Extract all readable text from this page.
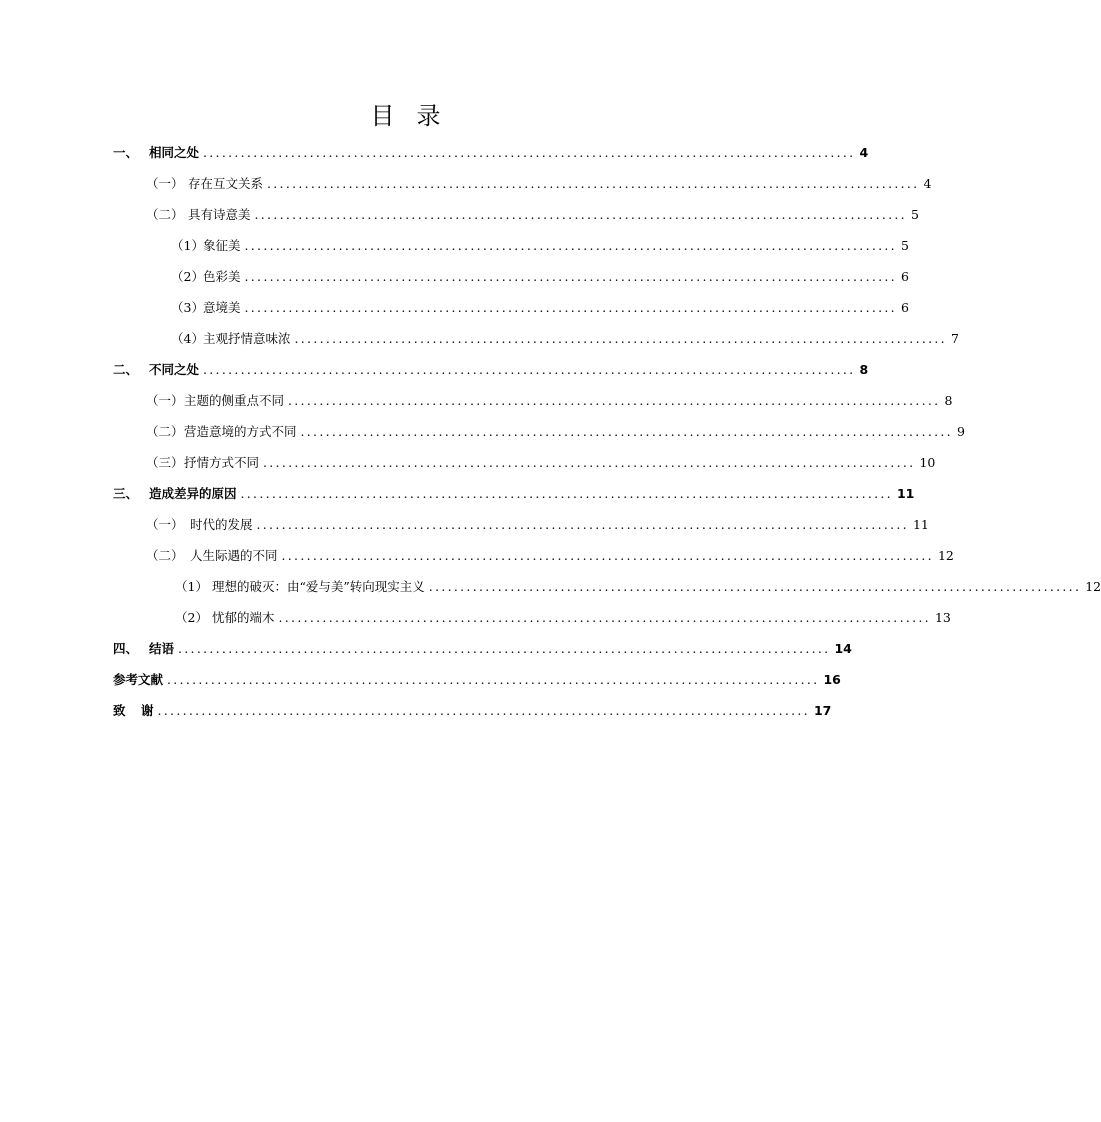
目录
一、 相同之处 ........................................................................................................ 4
（一） 存在互文关系 ........................................................................................................ 4
（二） 具有诗意美 ........................................................................................................ 5
（1） 象征美 ........................................................................................................ 5
（2） 色彩美 ........................................................................................................ 6
（3） 意境美 ........................................................................................................ 6
（4） 主观抒情意味浓 ........................................................................................................ 7
二、 不同之处 ........................................................................................................ 8
（一） 主题的侧重点不同 ........................................................................................................ 8
（二） 营造意境的方式不同 ........................................................................................................ 9
（三） 抒情方式不同 ........................................................................................................ 10
三、 造成差异的原因 ........................................................................................................ 11
（一） 时代的发展 ........................................................................................................ 11
（二） 人生际遇的不同 ........................................................................................................ 12
（1） 理想的破灭：由“爱与美”转向现实主义 ........................................................................................................ 12
（2） 忧郁的端木 ........................................................................................................ 13
四、 结语 ........................................................................................................ 14
参考文献 ........................................................................................................ 16
致	谢 ........................................................................................................ 17
